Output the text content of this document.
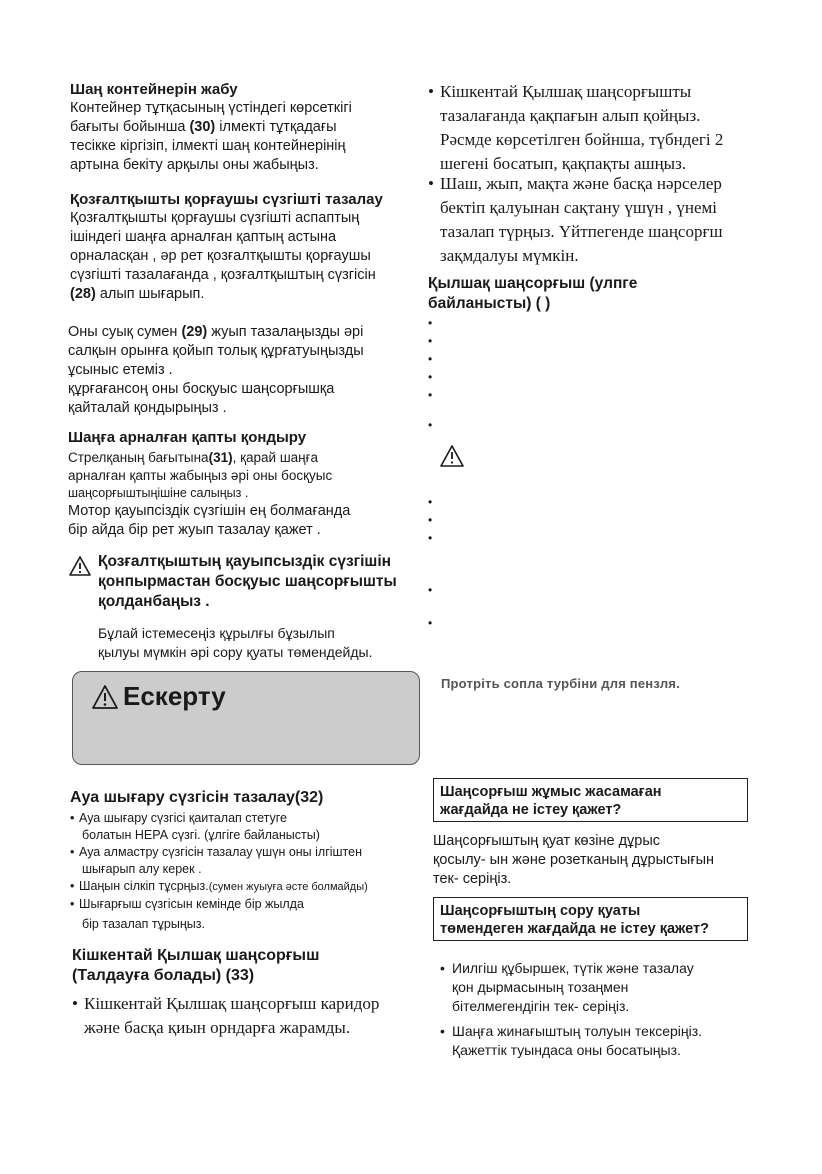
Шаң контейнерін жабу
Контейнер тұтқасының үстіндегі көрсеткігі
бағыты бойынша (30) ілмекті тұтқадағы
тесікке кіргізіп, ілмекті шаң контейнерінің
артына бекіту арқылы оны жабыңыз.
Қозғалтқышты қорғаушы сүзгішті тазалау
Қозғалтқышты қорғаушы сүзгішті аспаптың
ішіндегі шаңға арналған қаптың астына
орналасқан , әр рет қозғалтқышты қорғаушы
сүзгішті тазалағанда , қозғалтқыштың сүзгісін
(28) алып шығарып.
Оны суық сумен (29) жуып тазалаңызды әрі
салқын орынға қойып толық құрғатуыңызды
ұсыныс етеміз .
құрғағансоң оны босқуыс шаңсорғышқа
қайталай қондырыңыз .
Шаңға арналған қапты қондыру
Стрелқаның бағытына(31), қарай шаңға
арналған қапты жабыңыз әрі оны босқуыс
шаңсорғыштыңішіне салыңыз .
Мотор қауыпсіздік сүзгішін ең болмағанда
бір айда бір рет жуып тазалау қажет .
Қозғалтқыштың қауыпсыздік сүзгішін
қонпырмастан босқуыс шаңсорғышты
қолданбаңыз .
Бұлай істемесеңіз құрылғы бұзылып
қылуы мүмкін әрі сору қуаты төмендейды.
Ескерту
Ауа шығару сүзгісін тазалау(32)
• Ауа шығару сүзгісі қаиталап стетуге
болатын НЕРА сүзгі. (ұлгіге байланысты)
• Ауа алмастру сүзгісін тазалау үшүн оны ілгіштен
шығарып алу керек .
• Шаңын сілкіп тұсрңыз.(сумен жуыуға әсте болмайды)
• Шығарғыш сүзгісын кемінде бір жылда
бір тазалап тұрыңыз.
Кішкентай Қылшақ шаңсорғыш
(Талдауға болады) (33)
• Кішкентай Қылшақ шаңсорғыш каридор
және басқа қиын орндарға жарамды.
• Кішкентай Қылшақ шаңсорғышты
тазалағанда қақпағын алып қойңыз.
Рәсмде көрсетілген бойнша, түбндегі 2
шегені босатып, қақпақты ашңыз.
• Шаш, жып, мақта және басқа нәрселер
бектіп қалуынан сақтану үшүн , үнемі
тазалап түрңыз. Үйтпегенде шаңсорғш
зақмдалуы мүмкін.
Қылшақ шаңсорғыш (улпге
байланысты) ( )
•
•
•
•
•
•
•
•
•
•
•
Протріть сопла турбіни для пензля.
Шаңсорғыш жұмыс жасамаған
жағдайда не істеу қажет?
Шаңсорғыштың қуат көзіне дұрыс
қосылу- ын және розетканың дұрыстығын
тек- серіңіз.
Шаңсорғыштың сору қуаты
төмендеген жағдайда не істеу қажет?
• Иилгіш құбыршек, түтік және тазалау
қон дырмасының тозаңмен
бітелмегендігін тек- серіңіз.
• Шаңға жинағыштың толуын тексеріңіз.
Қажеттік туындаса оны босатыңыз.
